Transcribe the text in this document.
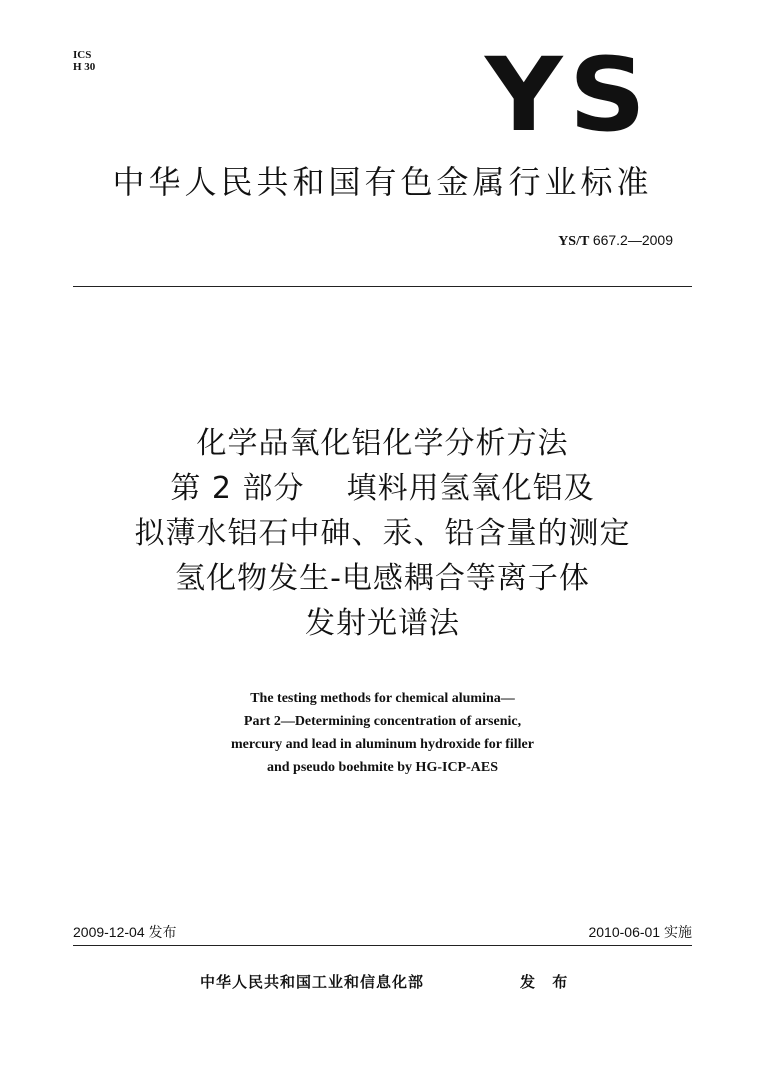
ICS
H 30	YS
中华人民共和国有色金属行业标准
YS/T 667.2—2009
化学品氧化铝化学分析方法
第 2 部分    填料用氢氧化铝及
拟薄水铝石中砷、汞、铅含量的测定
氢化物发生-电感耦合等离子体
发射光谱法
The testing methods for chemical alumina—
Part 2—Determining concentration of arsenic,
mercury and lead in aluminum hydroxide for filler
and pseudo boehmite by HG-ICP-AES
2009-12-04 发布	2010-06-01 实施
中华人民共和国工业和信息化部	发 布
